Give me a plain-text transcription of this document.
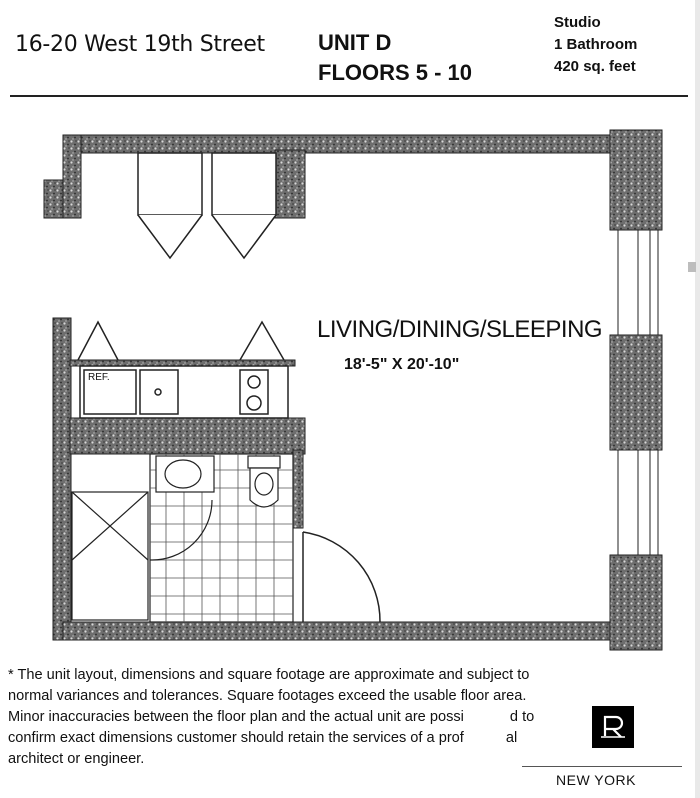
16-20 West 19th Street UNIT D
FLOORS 5 - 10
Studio
1 Bathroom
420 sq. feet
LIVING/DINING/SLEEPING
18'-5" X 20'-10"
REF.
* The unit layout, dimensions and square footage are approximate and subject to
normal variances and tolerances. Square footages exceed the usable floor area.
Minor inaccuracies between the floor plan and the actual unit are possi	d to
confirm exact dimensions customer should retain the services of a prof	al
architect or engineer.
NEW YORK
